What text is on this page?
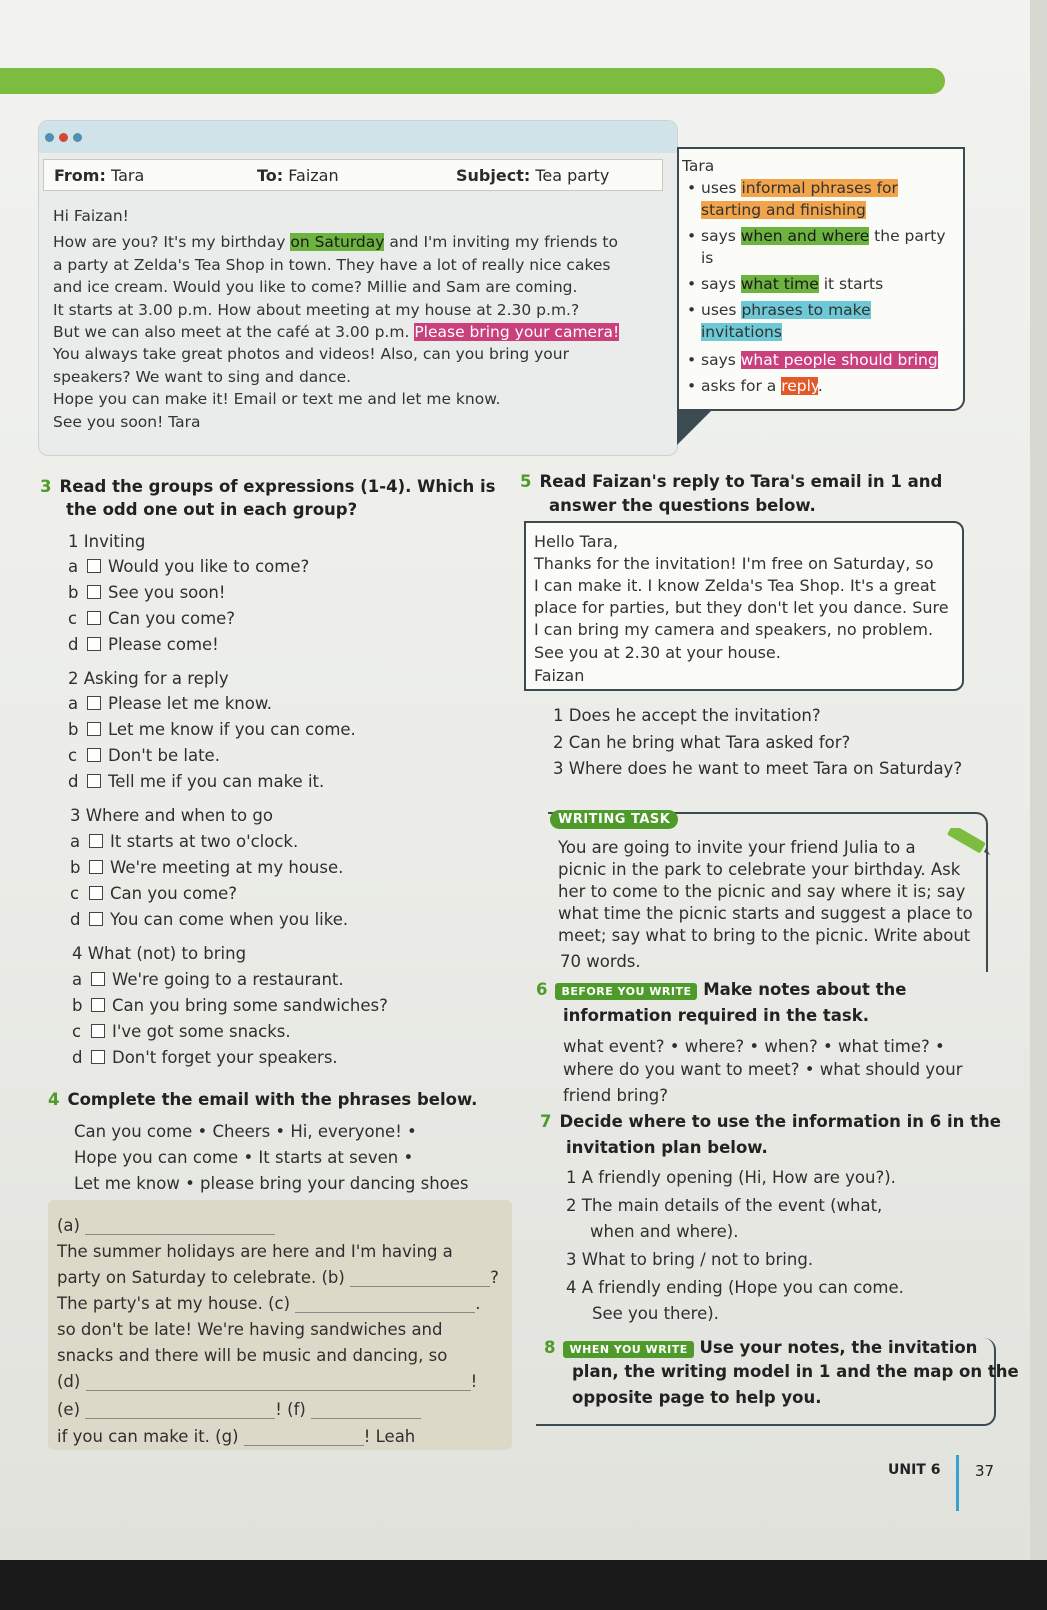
From: Tara	To: Faizan	Subject: Tea party

Hi Faizan!

How are you? It's my birthday on Saturday and I'm inviting my friends to

a party at Zelda's Tea Shop in town. They have a lot of really nice cakes

and ice cream. Would you like to come? Millie and Sam are coming.

It starts at 3.00 p.m. How about meeting at my house at 2.30 p.m.?

But we can also meet at the café at 3.00 p.m. Please bring your camera!

You always take great photos and videos! Also, can you bring your

speakers? We want to sing and dance.

Hope you can make it! Email or text me and let me know.

See you soon! Tara

Tara
• uses informal phrases for
starting and finishing
• says when and where the party
is
• says what time it starts
• uses phrases to make
invitations
• says what people should bring
• asks for a reply.
3 Read the groups of expressions (1-4). Which is
the odd one out in each group?
1 Inviting
a Would you like to come?
b See you soon!
c Can you come?
d Please come!
2 Asking for a reply
a Please let me know.
b Let me know if you can come.
c Don't be late.
d Tell me if you can make it.
3 Where and when to go
a It starts at two o'clock.
b We're meeting at my house.
c Can you come?
d You can come when you like.
4 What (not) to bring
a We're going to a restaurant.
b Can you bring some sandwiches?
c I've got some snacks.
d Don't forget your speakers.
4 Complete the email with the phrases below.
Can you come • Cheers • Hi, everyone! •
Hope you can come • It starts at seven •
Let me know • please bring your dancing shoes
(a)
The summer holidays are here and I'm having a
party on Saturday to celebrate. (b)	?
The party's at my house. (c)	.
so don't be late! We're having sandwiches and
snacks and there will be music and dancing, so
(d)	!
(e)	! (f)
if you can make it. (g)	! Leah
5 Read Faizan's reply to Tara's email in 1 and
answer the questions below.

Hello Tara,

Thanks for the invitation! I'm free on Saturday, so

I can make it. I know Zelda's Tea Shop. It's a great

place for parties, but they don't let you dance. Sure

I can bring my camera and speakers, no problem.

See you at 2.30 at your house.

Faizan

1 Does he accept the invitation?
2 Can he bring what Tara asked for?
3 Where does he want to meet Tara on Saturday?
WRITING TASK
You are going to invite your friend Julia to a
picnic in the park to celebrate your birthday. Ask
her to come to the picnic and say where it is; say
what time the picnic starts and suggest a place to
meet; say what to bring to the picnic. Write about
70 words.
6 BEFORE YOU WRITE Make notes about the
information required in the task.
what event? • where? • when? • what time? •
where do you want to meet? • what should your
friend bring?
7 Decide where to use the information in 6 in the
invitation plan below.
1 A friendly opening (Hi, How are you?).
2 The main details of the event (what,
when and where).
3 What to bring / not to bring.
4 A friendly ending (Hope you can come.
See you there).
8 WHEN YOU WRITE Use your notes, the invitation
plan, the writing model in 1 and the map on the
opposite page to help you.
UNIT 6 37
